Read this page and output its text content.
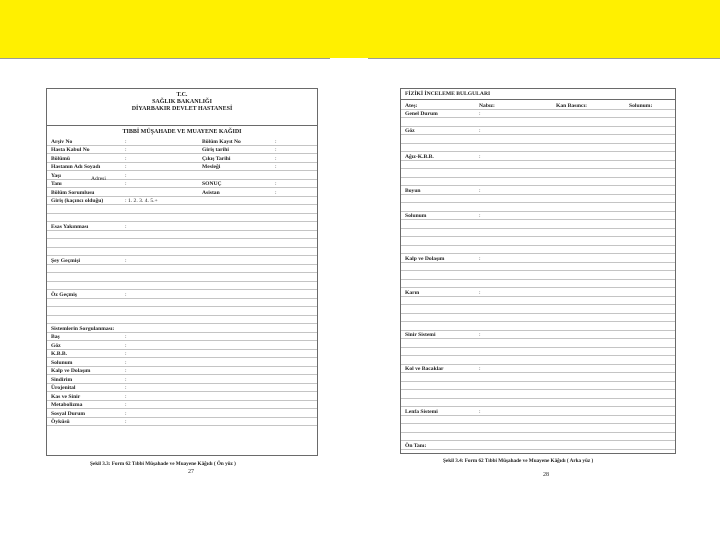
T.C.
SAĞLIK BAKANLIĞI
DİYARBAKIR DEVLET HASTANESİ
TIBBİ MÜŞAHADE VE MUAYENE KAĞIDI
Arşiv No	:	Bölüm Kayıt No	:
Hasta Kabul No	:	Giriş tarihi	:
Bölümü	:	Çıkış Tarihi	:
Hastanın Adı Soyadı	:	Mesleği	:
Yaşı	:
Adresi
Tanı	:	SONUÇ	:
Bölüm Sorumlusu	Asistan	:
Giriş (kaçıncı olduğu)	: 1. 2. 3. 4. 5.+
Esas Yakınması	:
Şey Geçmişi	:
Öz Geçmiş	:
Sistemlerin Sorgulanması:
Baş	:
Göz	:
K.B.B.	:
Solunum	:
Kalp ve Dolaşım	:
Sindirim	:
Ürojenital	:
Kas ve Sinir	:
Metabolizma	:
Sosyal Durum	:
Öyküsü	:
Şekil 3.3: Form 62 Tıbbi Müşahade ve Muayene Kâğıdı ( Ön yüz )
27
FİZİKİ İNCELEME BULGULARI
Ateş:	Nabız:	Kan Basıncı:	Solunum:
Genel Durum	:
Göz	:
Ağız-K.B.B.	:
Boyun	:
Solunum	:
Kalp ve Dolaşım	:
Karın	:
Sinir Sistemi	:
Kol ve Bacaklar	:
Lenfa Sistemi	:
Ön Tanı:
Şekil 3.4: Form 62 Tıbbi Müşahade ve Muayene Kâğıdı ( Arka yüz )
28
